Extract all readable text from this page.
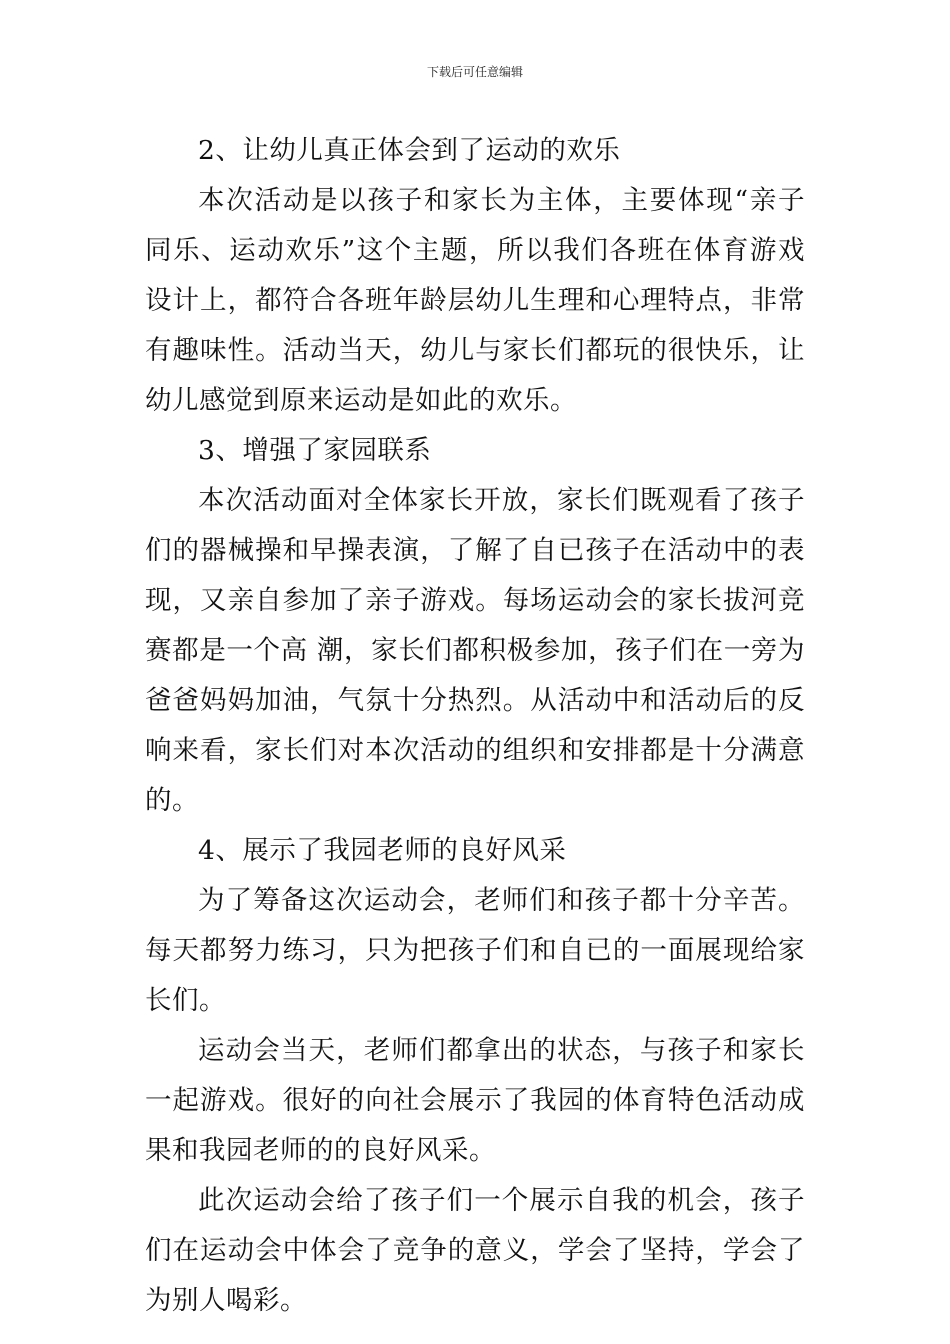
下载后可任意编辑

2、让幼儿真正体会到了运动的欢乐

本次活动是以孩子和家长为主体，主要体现“亲子同乐、运动欢乐”这个主题，所以我们各班在体育游戏设计上，都符合各班年龄层幼儿生理和心理特点，非常有趣味性。活动当天，幼儿与家长们都玩的很快乐，让幼儿感觉到原来运动是如此的欢乐。

3、增强了家园联系

本次活动面对全体家长开放，家长们既观看了孩子们的器械操和早操表演，了解了自已孩子在活动中的表现，又亲自参加了亲子游戏。每场运动会的家长拔河竞赛都是一个高 潮，家长们都积极参加，孩子们在一旁为爸爸妈妈加油，气氛十分热烈。从活动中和活动后的反响来看，家长们对本次活动的组织和安排都是十分满意的。

4、展示了我园老师的良好风采

为了筹备这次运动会，老师们和孩子都十分辛苦。每天都努力练习，只为把孩子们和自已的一面展现给家长们。

运动会当天，老师们都拿出的状态，与孩子和家长一起游戏。很好的向社会展示了我园的体育特色活动成果和我园老师的的良好风采。

此次运动会给了孩子们一个展示自我的机会，孩子们在运动会中体会了竞争的意义，学会了坚持，学会了为别人喝彩。
